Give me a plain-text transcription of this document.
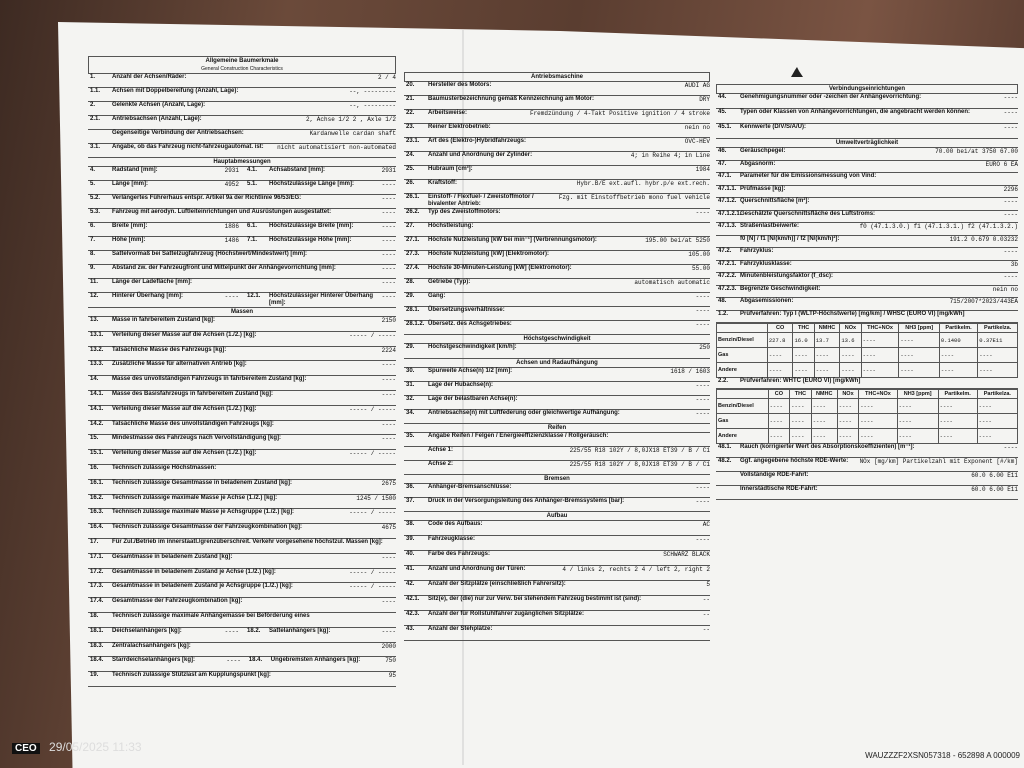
Allgemeine Baumerkmale
General Construction Characteristics
1.	Anzahl der Achsen/Räder:	2 / 4
1.1.	Achsen mit Doppelbereifung (Anzahl, Lage):	--, ---------
2.	Gelenkte Achsen (Anzahl, Lage):	--, ---------
2.1.	Antriebsachsen (Anzahl, Lage):	2, Achse 1/2 2 , Axle 1/2
Gegenseitige Verbindung der Antriebsachsen:	Kardanwelle cardan shaft
3.1.	Angabe, ob das Fahrzeug nicht-fahrzeugautomat. ist:	nicht automatisiert non-automated
Hauptabmessungen
4.	Radstand [mm]:	2931	4.1.	Achsabstand [mm]:	2931
5.	Länge [mm]:	4952	5.1.	Höchstzulässige Länge [mm]:	----
5.2.	Verlängertes Führerhaus entspr. Artikel 9a der Richtlinie 96/53/EG:	----
5.3.	Fahrzeug mit aerodyn. Luftleiteinrichtungen und Ausrüstungen ausgestattet:	----
6.	Breite [mm]:	1886	6.1.	Höchstzulässige Breite [mm]:	----
7.	Höhe [mm]:	1486	7.1.	Höchstzulässige Höhe [mm]:	----
8.	Sattelvormaß bei Sattelzugfahrzeug (Höchstwert/Mindestwert) [mm]:	----
9.	Abstand zw. der Fahrzeugfront und Mittelpunkt der Anhängevorrichtung [mm]:	----
11.	Länge der Ladefläche [mm]:	----
12.	Hinterer Überhang [mm]:	----	12.1.	Höchstzulässiger Hinterer Überhang [mm]:
----
Massen
13.	Masse in fahrbereitem Zustand [kg]:	2150
13.1.	Verteilung dieser Masse auf die Achsen (1./2.) [kg]:	----- / -----
13.2.	Tatsächliche Masse des Fahrzeugs [kg]:	2224
13.3.	Zusätzliche Masse für alternativen Antrieb [kg]:	----
14.	Masse des unvollständigen Fahrzeugs in fahrbereitem Zustand [kg]:	----
14.1.	Masse des Basisfahrzeugs in fahrbereitem Zustand [kg]:	----
14.1.	Verteilung dieser Masse auf die Achsen (1./2.) [kg]:	----- / -----
14.2.	Tatsächliche Masse des unvollständigen Fahrzeugs [kg]:	----
15.	Mindestmasse des Fahrzeugs nach Vervollständigung [kg]:	----
15.1.	Verteilung dieser Masse auf die Achsen (1./2.) [kg]:	----- / -----
16.	Technisch zulässige Höchstmassen:
16.1.	Technisch zulässige Gesamtmasse in beladenem Zustand [kg]:	2675
16.2.	Technisch zulässige maximale Masse je Achse (1./2.) [kg]:	1245 / 1500
16.3.	Technisch zulässige maximale Masse je Achsgruppe (1./2.) [kg]:	----- / -----
16.4.	Technisch zulässige Gesamtmasse der Fahrzeugkombination [kg]:	4675
17.	Für Zul./Betrieb im innerstaatl./grenzüberschreit. Verkehr vorgesehene höchstzul. Massen [kg]:
17.1.	Gesamtmasse in beladenem Zustand [kg]:	----
17.2.	Gesamtmasse in beladenem Zustand je Achse (1./2.) [kg]:	----- / -----
17.3.	Gesamtmasse in beladenem Zustand je Achsgruppe (1./2.) [kg]:	----- / -----
17.4.	Gesamtmasse der Fahrzeugkombination [kg]:	----
18.	Technisch zulässige maximale Anhängemasse bei Beförderung eines
18.1.	Deichselanhängers [kg]:	----	18.2.	Sattelanhängers [kg]:	----
18.3.	Zentralachsanhängers [kg]:	2000
18.4.	Starrdeichselanhängers [kg]:	----	18.4.	Ungebremsten Anhängers [kg]:	750
19.	Technisch zulässige Stützlast am Kupplungspunkt [kg]:	95
Antriebsmaschine
20.	Hersteller des Motors:	AUDI AG
21.	Baumusterbezeichnung gemäß Kennzeichnung am Motor:	DRY
22.	Arbeitsweise:	Fremdzündung / 4-Takt Positive ignition / 4 stroke
23.	Reiner Elektrobetrieb:	nein no
23.1.	Art des (Elektro-)Hybridfahrzeugs:	OVC-HEV
24.	Anzahl und Anordnung der Zylinder:	4; in Reihe 4; in Line
25.	Hubraum [cm³]:	1984
26.	Kraftstoff:	Hybr.B/E ext.aufl. hybr.p/e ext.rech.
26.1.	Einstoff- / Flexfuel- / Zweistoffmotor / bivalenter Antrieb:
Fzg. mit Einstoffbetrieb mono fuel vehicle
26.2.	Typ des Zweistoffmotors:	----
27.	Höchstleistung:
27.1.	Höchste Nutzleistung [kW bei min⁻¹] (Verbrennungsmotor):	195.00 bei/at 5250
27.3.	Höchste Nutzleistung [kW] (Elektromotor):	105.00
27.4.	Höchste 30-Minuten-Leistung [kW] (Elektromotor):	55.00
28.	Getriebe (Typ):	automatisch automatic
29.	Gang:	----
28.1.	Übersetzungsverhältnisse:	----
28.1.2. Übersetz. des Achsgetriebes:	----
Höchstgeschwindigkeit
29.	Höchstgeschwindigkeit [km/h]:	250
Achsen und Radaufhängung
30.	Spurweite Achse(n) 1/2 [mm]:	1618 / 1603
31.	Lage der Hubachse(n):	----
32.	Lage der belastbaren Achse(n):	----
34.	Antriebsachse(n) mit Luftfederung oder gleichwertige Aufhängung:	----
Reifen
35.	Angabe Reifen / Felgen / Energieeffizienzklasse / Rollgeräusch:
Achse 1:	225/55 R18 102Y / 8,0JX18 ET39 / B / C1
Achse 2:	225/55 R18 102Y / 8,0JX18 ET39 / B / C1
Bremsen
36.	Anhänger-Bremsanschlüsse:	----
37.	Druck in der Versorgungsleitung des Anhänger-Bremssystems [bar]:	----
Aufbau
38.	Code des Aufbaus:	AC
39.	Fahrzeugklasse:	----
40.	Farbe des Fahrzeugs:	SCHWARZ BLACK
41.	Anzahl und Anordnung der Türen:	4 / links 2, rechts 2 4 / left 2, right 2
42.	Anzahl der Sitzplätze (einschließlich Fahrersitz):	5
42.1.	Sitz(e), der (die) nur zur Verw. bei stehendem Fahrzeug bestimmt ist (sind):	--
42.3.	Anzahl der für Rollstuhlfahrer zugänglichen Sitzplätze:	--
43.	Anzahl der Stehplätze:	--
Verbindungseinrichtungen
44.	Genehmigungsnummer oder -zeichen der Anhängevorrichtung:	----
45.	Typen oder Klassen von Anhängevorrichtungen, die angebracht werden können:	----
45.1.	Kennwerte (D/V/S/A/U):	----
Umweltverträglichkeit
46.	Geräuschpegel:	70.00 bei/at 3750 67.00
47.	Abgasnorm:	EURO 6 EA
47.1.	Parameter für die Emissionsmessung von Vind:
47.1.1. Prüfmasse [kg]:	2296
47.1.2. Querschnittsfläche [m²]:	----
47.1.2.1.
Geschätzte Querschnittsfläche des Luftstroms:	----
47.1.3. Straßenlastbeiwerte:	f0 (47.1.3.0.) f1 (47.1.3.1.) f2 (47.1.3.2.)
f0 [N] / f1 [N/(km/h)] / f2 [N/(km/h)²]:	191.2 0.679 0.03232
47.2.	Fahrzyklus:	----
47.2.1. Fahrzyklusklasse:	3b
47.2.2. Minutenbleistungsfaktor (f_dsc):	----
47.2.3. Begrenzte Geschwindigkeit:	nein no
48.	Abgasemissionen:	715/2007*2023/443EA
1.2.	Prüfverfahren: Typ I (WLTP-Höchstwerte) [mg/km] / WHSC (EURO VI) [mg/kWh]
	CO	THC	NMHC	NOx	THC+NOx	NH3 [ppm]	Partikelm.	Partikelza.
Benzin/Diesel	227.8	16.0	13.7	13.6	----	----	0.1400	0.37E11
Gas	----	----	----	----	----	----	----	----
Andere	----	----	----	----	----	----	----	----
2.2.	Prüfverfahren: WHTC (EURO VI) [mg/kWh]
	CO	THC	NMHC	NOx	THC+NOx	NH3 [ppm]	Partikelm.	Partikelza.
Benzin/Diesel	----	----	----	----	----	----	----	----
Gas	----	----	----	----	----	----	----	----
Andere	----	----	----	----	----	----	----	----
48.1.	Rauch (korrigierter Wert des Absorptionskoeffizienten) [m⁻¹]:	----
48.2.	Ggf. angegebene höchste RDE-Werte:	NOx [mg/km] Partikelzahl mit Exponent [#/km]
Vollständige RDE-Fahrt:	60.0 6.00 E11
Innerstädtische RDE-Fahrt:	60.0 6.00 E11
WAUZZZF2XSN057318 - 652898 A 000009
CEO 29/05/2025 11:33
